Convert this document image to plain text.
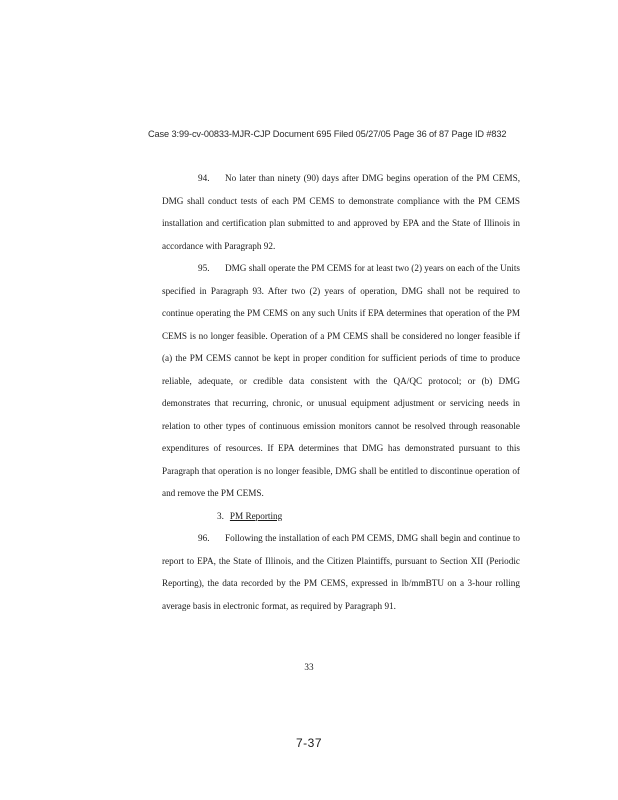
Case 3:99-cv-00833-MJR-CJP Document 695 Filed 05/27/05 Page 36 of 87 Page ID #832

94. No later than ninety (90) days after DMG begins operation of the PM CEMS, DMG shall conduct tests of each PM CEMS to demonstrate compliance with the PM CEMS installation and certification plan submitted to and approved by EPA and the State of Illinois in accordance with Paragraph 92.

95. DMG shall operate the PM CEMS for at least two (2) years on each of the Units specified in Paragraph 93. After two (2) years of operation, DMG shall not be required to continue operating the PM CEMS on any such Units if EPA determines that operation of the PM CEMS is no longer feasible. Operation of a PM CEMS shall be considered no longer feasible if (a) the PM CEMS cannot be kept in proper condition for sufficient periods of time to produce reliable, adequate, or credible data consistent with the QA/QC protocol; or (b) DMG demonstrates that recurring, chronic, or unusual equipment adjustment or servicing needs in relation to other types of continuous emission monitors cannot be resolved through reasonable expenditures of resources. If EPA determines that DMG has demonstrated pursuant to this Paragraph that operation is no longer feasible, DMG shall be entitled to discontinue operation of and remove the PM CEMS.

3. PM Reporting

96. Following the installation of each PM CEMS, DMG shall begin and continue to report to EPA, the State of Illinois, and the Citizen Plaintiffs, pursuant to Section XII (Periodic Reporting), the data recorded by the PM CEMS, expressed in lb/mmBTU on a 3-hour rolling average basis in electronic format, as required by Paragraph 91.

33
7-37
